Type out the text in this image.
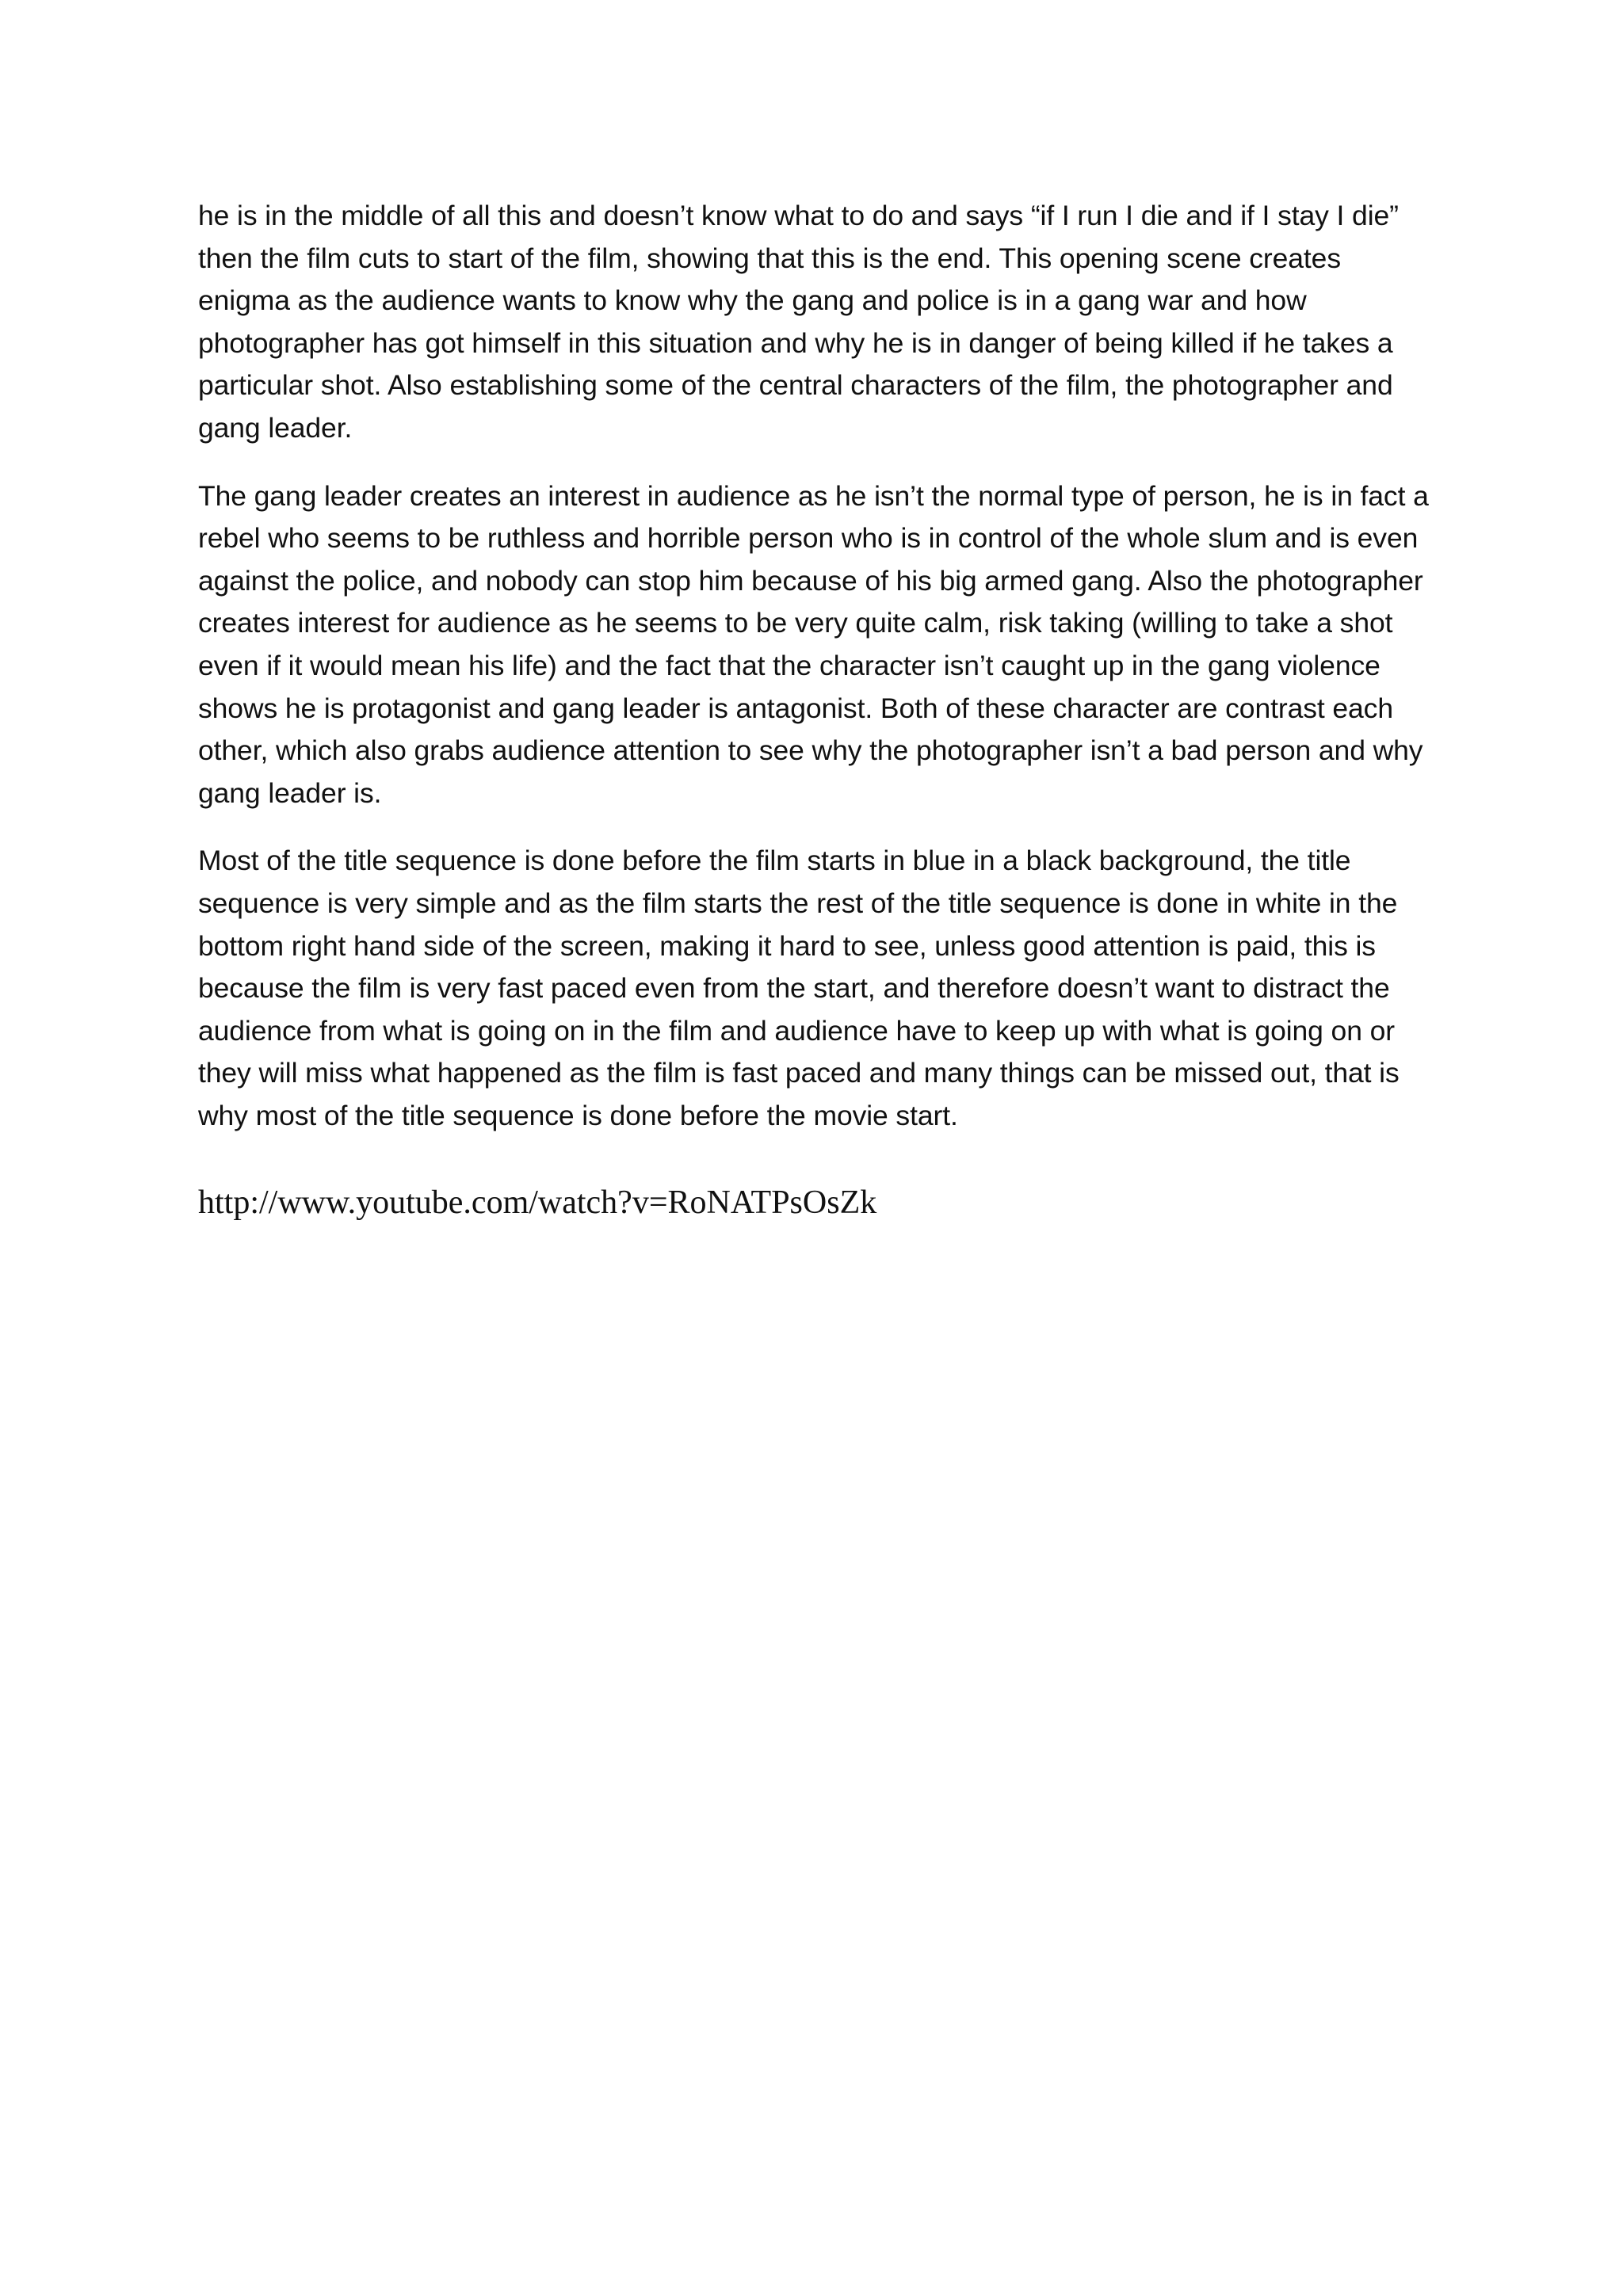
he is in the middle of all this and doesn’t know what to do and says “if I run I die and if I stay I die” then the film cuts to start of the film, showing that this is the end. This opening scene creates enigma as the audience wants to know why the gang and police is in a gang war and how photographer has got himself in this situation and why he is in danger of being killed if he takes a particular shot. Also establishing some of the central characters of the film, the photographer and gang leader.

The gang leader creates an interest in audience as he isn’t the normal type of person, he is in fact a rebel who seems to be ruthless and horrible person who is in control of the whole slum and is even against the police, and nobody can stop him because of his big armed gang. Also the photographer creates interest for audience as he seems to be very quite calm, risk taking (willing to take a shot even if it would mean his life) and the fact that the character isn’t caught up in the gang violence shows he is protagonist and gang leader is antagonist. Both of these character are contrast each other, which also grabs audience attention to see why the photographer isn’t a bad person and why gang leader is.

Most of the title sequence is done before the film starts in blue in a black background, the title sequence is very simple and as the film starts the rest of the title sequence is done in white in the bottom right hand side of the screen, making it hard to see, unless good attention is paid, this is because the film is very fast paced even from the start, and therefore doesn’t want to distract the audience from what is going on in the film and audience have to keep up with what is going on or they will miss what happened as the film is fast paced and many things can be missed out, that is why most of the title sequence is done before the movie start.

http://www.youtube.com/watch?v=RoNATPsOsZk
